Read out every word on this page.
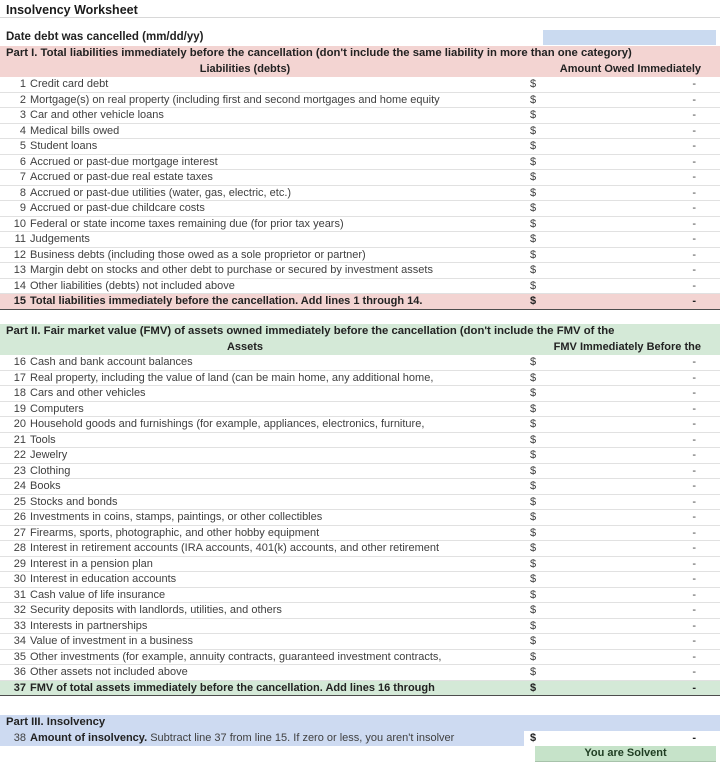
Insolvency Worksheet
Date debt was cancelled (mm/dd/yy)
Part I. Total liabilities immediately before the cancellation (don't include the same liability in more than one category)
Liabilities (debts)	Amount Owed Immediately
1 Credit card debt	$	-
2 Mortgage(s) on real property (including first and second mortgages and home equity	$	-
3 Car and other vehicle loans	$	-
4 Medical bills owed	$	-
5 Student loans	$	-
6 Accrued or past-due mortgage interest	$	-
7 Accrued or past-due real estate taxes	$	-
8 Accrued or past-due utilities (water, gas, electric, etc.)	$	-
9 Accrued or past-due childcare costs	$	-
10 Federal or state income taxes remaining due (for prior tax years)	$	-
11 Judgements	$	-
12 Business debts (including those owed as a sole proprietor or partner)	$	-
13 Margin debt on stocks and other debt to purchase or secured by investment assets	$	-
14 Other liabilities (debts) not included above	$	-
15 Total liabilities immediately before the cancellation. Add lines 1 through 14.	$	-
Part II. Fair market value (FMV) of assets owned immediately before the cancellation (don't include the FMV of the
Assets	FMV Immediately Before the
16 Cash and bank account balances	$	-
17 Real property, including the value of land (can be main home, any additional home,	$	-
18 Cars and other vehicles	$	-
19 Computers	$	-
20 Household goods and furnishings (for example, appliances, electronics, furniture,	$	-
21 Tools	$	-
22 Jewelry	$	-
23 Clothing	$	-
24 Books	$	-
25 Stocks and bonds	$	-
26 Investments in coins, stamps, paintings, or other collectibles	$	-
27 Firearms, sports, photographic, and other hobby equipment	$	-
28 Interest in retirement accounts (IRA accounts, 401(k) accounts, and other retirement	$	-
29 Interest in a pension plan	$	-
30 Interest in education accounts	$	-
31 Cash value of life insurance	$	-
32 Security deposits with landlords, utilities, and others	$	-
33 Interests in partnerships	$	-
34 Value of investment in a business	$	-
35 Other investments (for example, annuity contracts, guaranteed investment contracts,	$	-
36 Other assets not included above	$	-
37 FMV of total assets immediately before the cancellation. Add lines 16 through	$	-
Part III. Insolvency
38 Amount of insolvency. Subtract line 37 from line 15. If zero or less, you aren't insolver	$	-
You are Solvent
